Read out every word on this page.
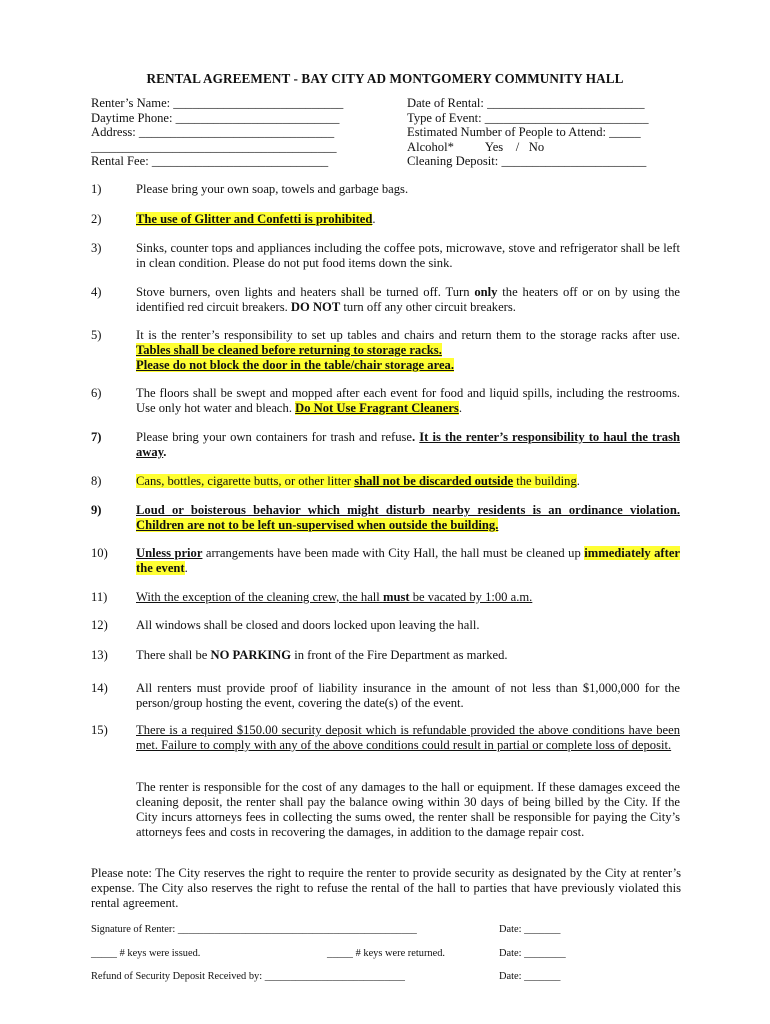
RENTAL AGREEMENT - BAY CITY AD MONTGOMERY COMMUNITY HALL
Renter’s Name: ___________________________
Daytime Phone: __________________________
Address: _______________________________
_______________________________________
Rental Fee: ____________________________
Date of Rental: _________________________
Type of Event: __________________________
Estimated Number of People to Attend: _____
Alcohol*          Yes    /   No
Cleaning Deposit: _______________________
1)	Please bring your own soap, towels and garbage bags.
2)	The use of Glitter and Confetti is prohibited.
3)	Sinks, counter tops and appliances including the coffee pots, microwave, stove and refrigerator shall be left in clean condition. Please do not put food items down the sink.
4)	Stove burners, oven lights and heaters shall be turned off. Turn only the heaters off or on by using the identified red circuit breakers. DO NOT turn off any other circuit breakers.
5)	It is the renter’s responsibility to set up tables and chairs and return them to the storage racks after use. Tables shall be cleaned before returning to storage racks.
Please do not block the door in the table/chair storage area.
6)	The floors shall be swept and mopped after each event for food and liquid spills, including the restrooms. Use only hot water and bleach. Do Not Use Fragrant Cleaners.
7)	Please bring your own containers for trash and refuse. It is the renter’s responsibility to haul the trash away.
8)	Cans, bottles, cigarette butts, or other litter shall not be discarded outside the building.
9)	Loud or boisterous behavior which might disturb nearby residents is an ordinance violation. Children are not to be left un-supervised when outside the building.
10) Unless prior arrangements have been made with City Hall, the hall must be cleaned up immediately after the event.
11) With the exception of the cleaning crew, the hall must be vacated by 1:00 a.m.
12) All windows shall be closed and doors locked upon leaving the hall.
13) There shall be NO PARKING in front of the Fire Department as marked.
14) All renters must provide proof of liability insurance in the amount of not less than $1,000,000 for the person/group hosting the event, covering the date(s) of the event.
15) There is a required $150.00 security deposit which is refundable provided the above conditions have been met. Failure to comply with any of the above conditions could result in partial or complete loss of deposit.
The renter is responsible for the cost of any damages to the hall or equipment. If these damages exceed the cleaning deposit, the renter shall pay the balance owing within 30 days of being billed by the City. If the City incurs attorneys fees in collecting the sums owed, the renter shall be responsible for paying the City’s attorneys fees and costs in recovering the damages, in addition to the damage repair cost.
Please note: The City reserves the right to require the renter to provide security as designated by the City at renter’s expense. The City also reserves the right to refuse the rental of the hall to parties that have previously violated this rental agreement.
Signature of Renter: ______________________________________________	Date: _______
_____ # keys were issued.	_____ # keys were returned.	Date: ________
Refund of Security Deposit Received by: ___________________________	Date: _______
